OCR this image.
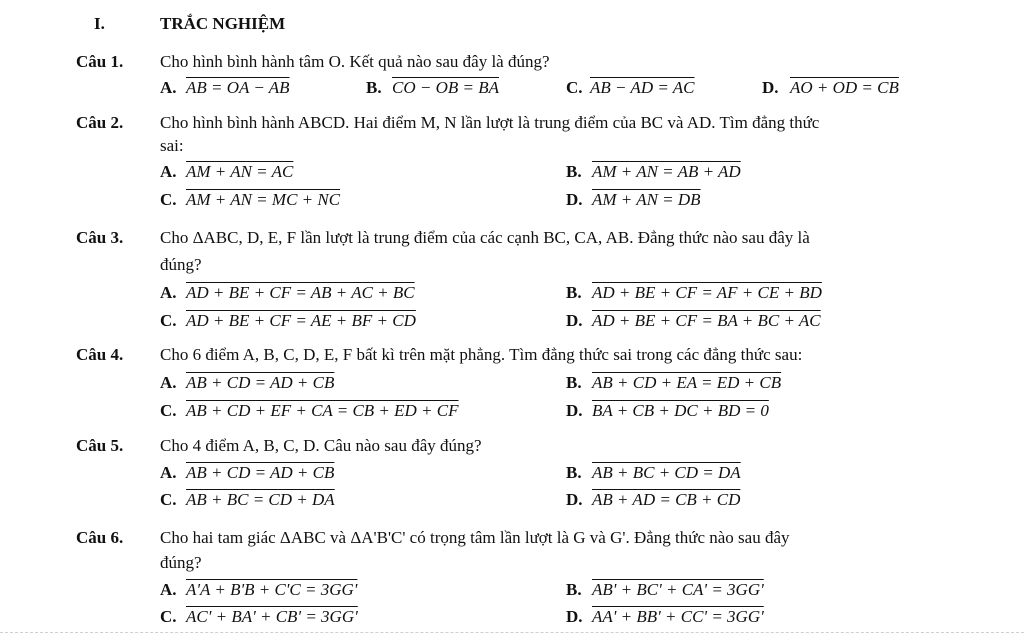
I.	TRẮC NGHIỆM
Câu 1. Cho hình bình hành tâm O. Kết quả nào sau đây là đúng?
A. AB = OA − AB	B. CO − OB = BA	C. AB − AD = AC	D. AO + OD = CB
Câu 2. Cho hình bình hành ABCD. Hai điểm M, N lần lượt là trung điểm của BC và AD. Tìm đẳng thức
sai:
A. AM + AN = AC	B. AM + AN = AB + AD
C. AM + AN = MC + NC	D. AM + AN = DB
Câu 3. Cho ΔABC, D, E, F lần lượt là trung điểm của các cạnh BC, CA, AB. Đẳng thức nào sau đây là
đúng?
A. AD + BE + CF = AB + AC + BC	B. AD + BE + CF = AF + CE + BD
C. AD + BE + CF = AE + BF + CD	D. AD + BE + CF = BA + BC + AC
Câu 4. Cho 6 điểm A, B, C, D, E, F bất kì trên mặt phẳng. Tìm đẳng thức sai trong các đẳng thức sau:
A. AB + CD = AD + CB	B. AB + CD + EA = ED + CB
C. AB + CD + EF + CA = CB + ED + CF	D. BA + CB + DC + BD = 0
Câu 5. Cho 4 điểm A, B, C, D. Câu nào sau đây đúng?
A. AB + CD = AD + CB	B. AB + BC + CD = DA
C. AB + BC = CD + DA	D. AB + AD = CB + CD
Câu 6. Cho hai tam giác ΔABC và ΔA'B'C' có trọng tâm lần lượt là G và G'. Đẳng thức nào sau đây
đúng?
A. A'A + B'B + C'C = 3GG'	B. AB' + BC' + CA' = 3GG'
C. AC' + BA' + CB' = 3GG'	D. AA' + BB' + CC' = 3GG'
